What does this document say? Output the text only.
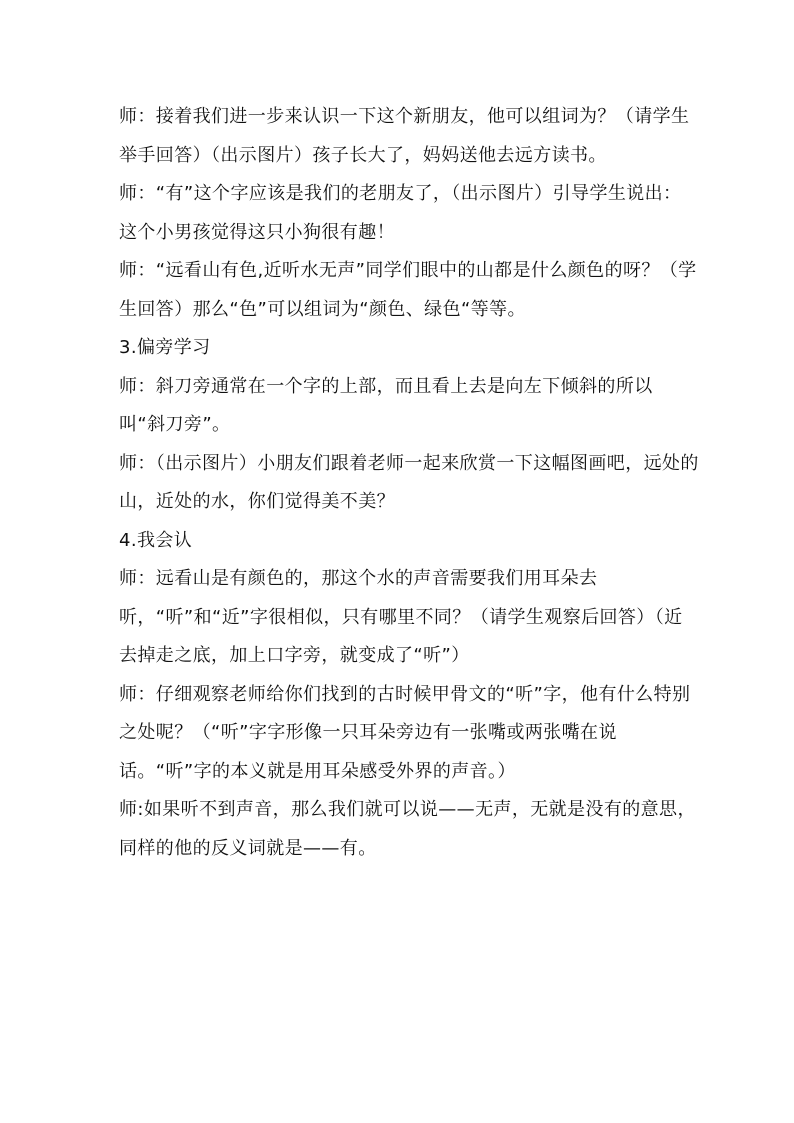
师：接着我们进一步来认识一下这个新朋友，他可以组词为？（请学生举手回答）（出示图片）孩子长大了，妈妈送他去远方读书。

师：“有”这个字应该是我们的老朋友了，（出示图片）引导学生说出：这个小男孩觉得这只小狗很有趣！

师：“远看山有色,近听水无声”同学们眼中的山都是什么颜色的呀？（学生回答）那么“色”可以组词为“颜色、绿色“等等。

3.偏旁学习

师：斜刀旁通常在一个字的上部，而且看上去是向左下倾斜的所以叫“斜刀旁”。

师：（出示图片）小朋友们跟着老师一起来欣赏一下这幅图画吧，远处的山，近处的水，你们觉得美不美？

4.我会认

师：远看山是有颜色的，那这个水的声音需要我们用耳朵去听，“听”和“近”字很相似，只有哪里不同？（请学生观察后回答）（近去掉走之底，加上口字旁，就变成了“听”）

师：仔细观察老师给你们找到的古时候甲骨文的“听”字，他有什么特别之处呢？（“听”字字形像一只耳朵旁边有一张嘴或两张嘴在说话。“听”字的本义就是用耳朵感受外界的声音。）

师:如果听不到声音，那么我们就可以说——无声，无就是没有的意思，同样的他的反义词就是——有。
